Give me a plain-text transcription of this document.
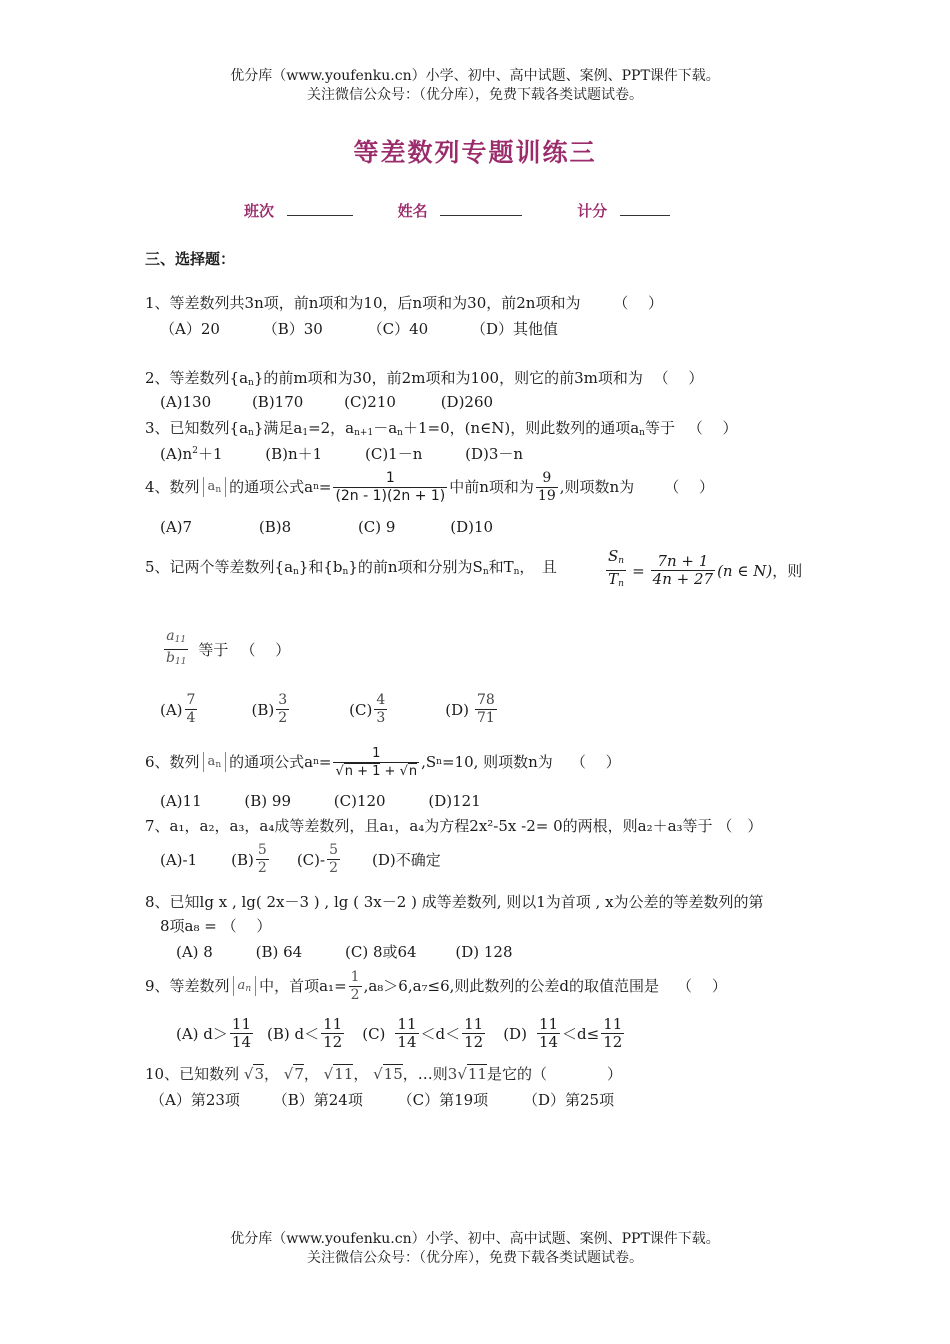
优分库（www.youfenku.cn）小学、初中、高中试题、案例、PPT课件下载。
关注微信公众号：（优分库），免费下载各类试题试卷。
等差数列专题训练三
班次	姓名	计分
三、选择题：
1、等差数列共3n项，前n项和为10，后n项和为30，前2n项和为 （　 ）
（A）20	（B）30	（C）40	（D）其他值
2、等差数列$\{a_n\}$的前m项和为30，前2m项和为100，则它的前3m项和为 （　 ）
(A)130	(B)170	(C)210	(D)260
3、已知数列$\{a_n\}$满足$a_1=2$，$a_{n+1}-a_n+1=0$，(n∈N)，则此数列的通项$a_n$等于 （　 ）
$(A)n^2+1$	(B)n＋1	(C)1－n	(D)3－n
4、数列 $a_n$ 的通项公式a $n = \frac{1}{(2n - 1)(2n + 1)}$ 中前n项和为 $\frac{9}{19}$ ,则项数n为 （　 ）
(A)7	(B)8	(C) 9	(D)10
5、记两个等差数列$\{a_n\}$和$\{b_n\}$的前n项和分别为$S_n$和$T_n$，　且	$\frac{S_n}{T_n} = \frac{7n + 1}{4n + 27} (n$ ∈ N) ，则
$a_{11}$
$b_{11}$
等于 （　 ）
$(A) \frac{7}{4}$	$(B) \frac{3}{2}$	$(C) \frac{4}{3}$	$(D) \frac{78}{71}$
6、数列 $a_n$ 的通项公式a $n = \frac{1}{√n + 1 + √n} ,S$ n =10, 则项数n为 （　 ）
(A)11	(B) 99	(C)120	(D)121
7、a₁，a₂，a₃，a₄成等差数列，且a₁，a₄为方程2x²-5x -2= 0的两根，则a₂＋a₃等于 （　）
(A)-1 $(B) \frac{5}{2} (C)- \frac{5}{2} (D)$不确定
8、已知lg x , lg( 2x－3 ) , lg ( 3x－2 ) 成等差数列, 则以1为首项 , x为公差的等差数列的第
8项a₈ = （　 ）
(A) 8	(B) 64	(C) 8或64	(D) 128
9、等差数列 $a_n$ 中，首项$a_1= \frac{1}{2} ,a_8>6,a_7\le 6$,则此数列的公差d的取值范围是 （　 ）
(A) $d> \frac{11}{14} (B)$ $d< \frac{11}{12} (C)$
11
14 ＜d＜
11
12 (D)
11
$14 <d\le \frac{11}{12}$
10、已知数列 √3， √7， √11， √15，…则3√11是它的（　　　　）
（A）第23项 （B）第24项 （C）第19项 （D）第25项
优分库（www.youfenku.cn）小学、初中、高中试题、案例、PPT课件下载。
关注微信公众号：（优分库），免费下载各类试题试卷。
